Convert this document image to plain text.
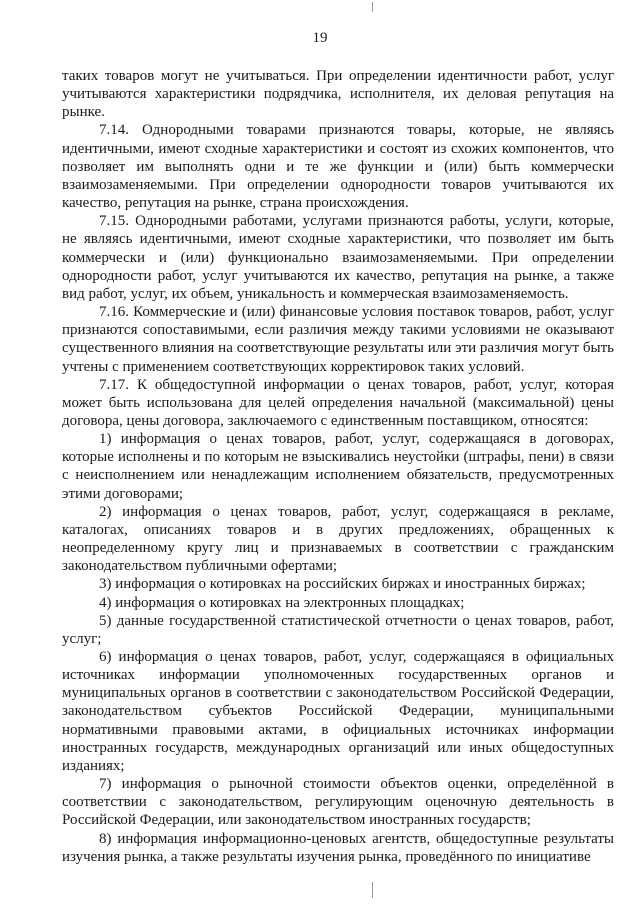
19

таких товаров могут не учитываться. При определении идентичности работ, услуг учитываются характеристики подрядчика, исполнителя, их деловая репутация на рынке.

7.14. Однородными товарами признаются товары, которые, не являясь идентичными, имеют сходные характеристики и состоят из схожих компонентов, что позволяет им выполнять одни и те же функции и (или) быть коммерчески взаимозаменяемыми. При определении однородности товаров учитываются их качество, репутация на рынке, страна происхождения.

7.15. Однородными работами, услугами признаются работы, услуги, которые, не являясь идентичными, имеют сходные характеристики, что позволяет им быть коммерчески и (или) функционально взаимозаменяемыми. При определении однородности работ, услуг учитываются их качество, репутация на рынке, а также вид работ, услуг, их объем, уникальность и коммерческая взаимозаменяемость.

7.16. Коммерческие и (или) финансовые условия поставок товаров, работ, услуг признаются сопоставимыми, если различия между такими условиями не оказывают существенного влияния на соответствующие результаты или эти различия могут быть учтены с применением соответствующих корректировок таких условий.

7.17. К общедоступной информации о ценах товаров, работ, услуг, которая может быть использована для целей определения начальной (максимальной) цены договора, цены договора, заключаемого с единственным поставщиком, относятся:

1) информация о ценах товаров, работ, услуг, содержащаяся в договорах, которые исполнены и по которым не взыскивались неустойки (штрафы, пени) в связи с неисполнением или ненадлежащим исполнением обязательств, предусмотренных этими договорами;

2) информация о ценах товаров, работ, услуг, содержащаяся в рекламе, каталогах, описаниях товаров и в других предложениях, обращенных к неопределенному кругу лиц и признаваемых в соответствии с гражданским законодательством публичными офертами;

3) информация о котировках на российских биржах и иностранных биржах;

4) информация о котировках на электронных площадках;

5) данные государственной статистической отчетности о ценах товаров, работ, услуг;

6) информация о ценах товаров, работ, услуг, содержащаяся в официальных источниках информации уполномоченных государственных органов и муниципальных органов в соответствии с законодательством Российской Федерации, законодательством субъектов Российской Федерации, муниципальными нормативными правовыми актами, в официальных источниках информации иностранных государств, международных организаций или иных общедоступных изданиях;

7) информация о рыночной стоимости объектов оценки, определённой в соответствии с законодательством, регулирующим оценочную деятельность в Российской Федерации, или законодательством иностранных государств;

8) информация информационно-ценовых агентств, общедоступные результаты изучения рынка, а также результаты изучения рынка, проведённого по инициативе
